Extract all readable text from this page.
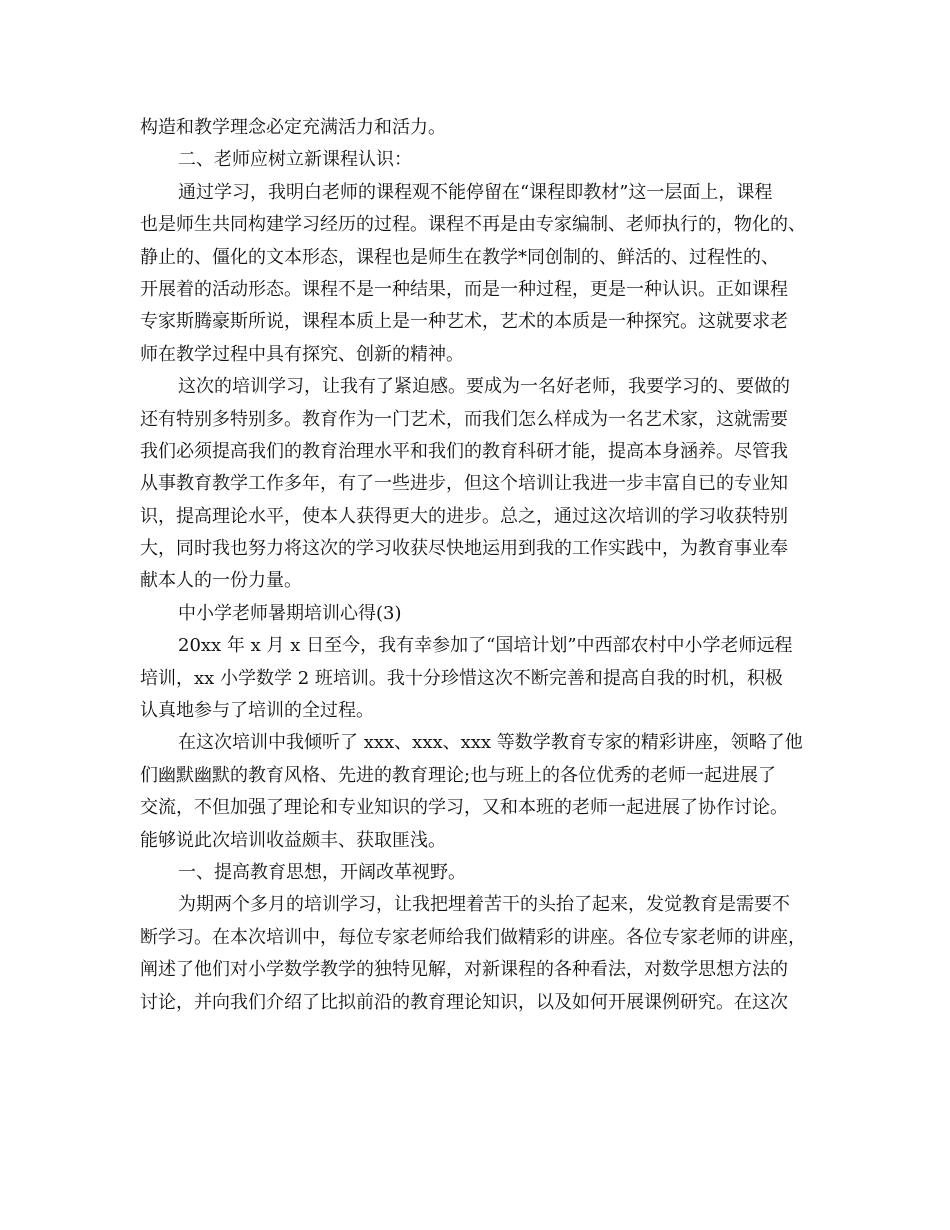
构造和教学理念必定充满活力和活力。
二、老师应树立新课程认识：
通过学习，我明白老师的课程观不能停留在“课程即教材”这一层面上，课程
也是师生共同构建学习经历的过程。课程不再是由专家编制、老师执行的，物化的、
静止的、僵化的文本形态，课程也是师生在教学*同创制的、鲜活的、过程性的、
开展着的活动形态。课程不是一种结果，而是一种过程，更是一种认识。正如课程
专家斯腾豪斯所说，课程本质上是一种艺术，艺术的本质是一种探究。这就要求老
师在教学过程中具有探究、创新的精神。
这次的培训学习，让我有了紧迫感。要成为一名好老师，我要学习的、要做的
还有特别多特别多。教育作为一门艺术，而我们怎么样成为一名艺术家，这就需要
我们必须提高我们的教育治理水平和我们的教育科研才能，提高本身涵养。尽管我
从事教育教学工作多年，有了一些进步，但这个培训让我进一步丰富自已的专业知
识，提高理论水平，使本人获得更大的进步。总之，通过这次培训的学习收获特别
大，同时我也努力将这次的学习收获尽快地运用到我的工作实践中，为教育事业奉
献本人的一份力量。
中小学老师暑期培训心得(3)
20xx 年 x 月 x 日至今，我有幸参加了“国培计划”中西部农村中小学老师远程
培训，xx 小学数学 2 班培训。我十分珍惜这次不断完善和提高自我的时机，积极
认真地参与了培训的全过程。
在这次培训中我倾听了 xxx、xxx、xxx 等数学教育专家的精彩讲座，领略了他
们幽默幽默的教育风格、先进的教育理论;也与班上的各位优秀的老师一起进展了
交流，不但加强了理论和专业知识的学习，又和本班的老师一起进展了协作讨论。
能够说此次培训收益颇丰、获取匪浅。
一、提高教育思想，开阔改革视野。
为期两个多月的培训学习，让我把埋着苦干的头抬了起来，发觉教育是需要不
断学习。在本次培训中，每位专家老师给我们做精彩的讲座。各位专家老师的讲座，
阐述了他们对小学数学教学的独特见解，对新课程的各种看法，对数学思想方法的
讨论，并向我们介绍了比拟前沿的教育理论知识，以及如何开展课例研究。在这次
